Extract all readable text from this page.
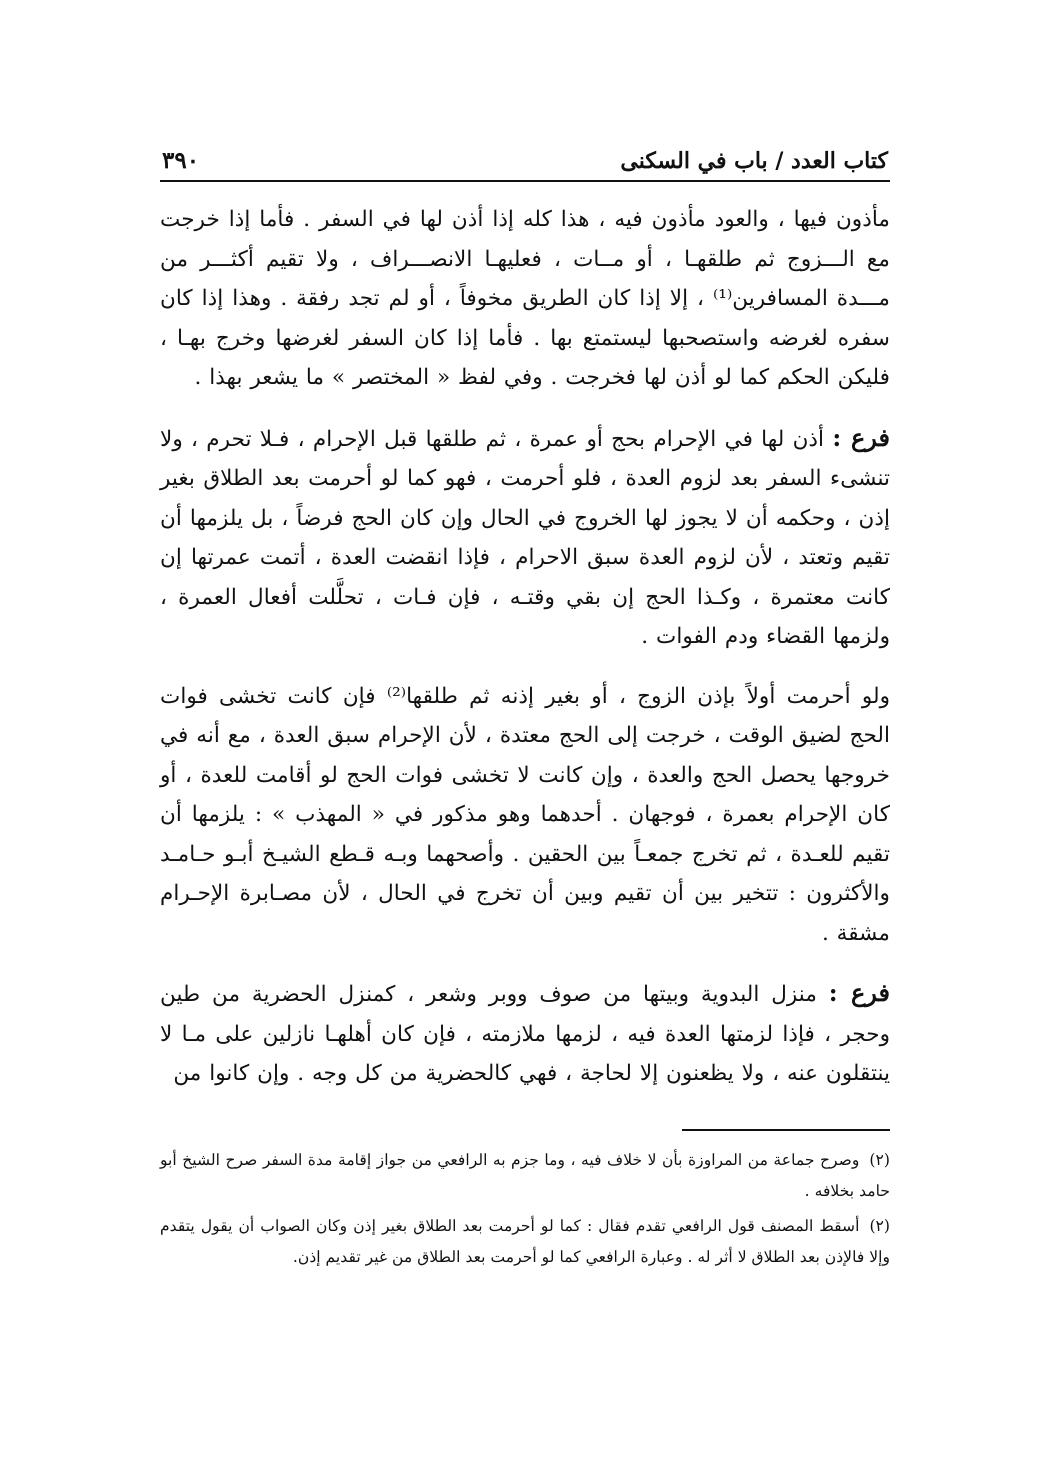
كتاب العدد / باب في السكنى
٣٩٠

مأذون فيها ، والعود مأذون فيه ، هذا كله إذا أذن لها في السفر . فأما إذا خرجت مع الـــزوج ثم طلقهـا ، أو مــات ، فعليهـا الانصـــراف ، ولا تقيم أكثـــر من مـــدة المسافرين⁽¹⁾ ، إلا إذا كان الطريق مخوفاً ، أو لم تجد رفقة . وهذا إذا كان سفره لغرضه واستصحبها ليستمتع بها . فأما إذا كان السفر لغرضها وخرج بهـا ، فليكن الحكم كما لو أذن لها فخرجت . وفي لفظ « المختصر » ما يشعر بهذا .

فرع : أذن لها في الإحرام بحج أو عمرة ، ثم طلقها قبل الإحرام ، فـلا تحرم ، ولا تنشىء السفر بعد لزوم العدة ، فلو أحرمت ، فهو كما لو أحرمت بعد الطلاق بغير إذن ، وحكمه أن لا يجوز لها الخروج في الحال وإن كان الحج فرضاً ، بل يلزمها أن تقيم وتعتد ، لأن لزوم العدة سبق الاحرام ، فإذا انقضت العدة ، أتمت عمرتها إن كانت معتمرة ، وكـذا الحج إن بقي وقتـه ، فإن فـات ، تحلَّلت أفعال العمرة ، ولزمها القضاء ودم الفوات .

ولو أحرمت أولاً بإذن الزوج ، أو بغير إذنه ثم طلقها⁽²⁾ فإن كانت تخشى فوات الحج لضيق الوقت ، خرجت إلى الحج معتدة ، لأن الإحرام سبق العدة ، مع أنه في خروجها يحصل الحج والعدة ، وإن كانت لا تخشى فوات الحج لو أقامت للعدة ، أو كان الإحرام بعمرة ، فوجهان . أحدهما وهو مذكور في « المهذب » : يلزمها أن تقيم للعـدة ، ثم تخرج جمعـاً بين الحقين . وأصحهما وبـه قـطع الشيـخ أبـو حـامـد والأكثرون : تتخير بين أن تقيم وبين أن تخرج في الحال ، لأن مصـابرة الإحـرام مشقة .

فرع : منزل البدوية وبيتها من صوف ووبر وشعر ، كمنزل الحضرية من طين وحجر ، فإذا لزمتها العدة فيه ، لزمها ملازمته ، فإن كان أهلهـا نازلين على مـا لا ينتقلون عنه ، ولا يظعنون إلا لحاجة ، فهي كالحضرية من كل وجه . وإن كانوا من

(٢)وصرح جماعة من المراوزة بأن لا خلاف فيه ، وما جزم به الرافعي من جواز إقامة مدة السفر صرح الشيخ أبو حامد بخلافه .

(٢)أسقط المصنف قول الرافعي تقدم فقال : كما لو أحرمت بعد الطلاق بغير إذن وكان الصواب أن يقول يتقدم وإلا فالإذن بعد الطلاق لا أثر له . وعبارة الرافعي كما لو أحرمت بعد الطلاق من غير تقديم إذن.
